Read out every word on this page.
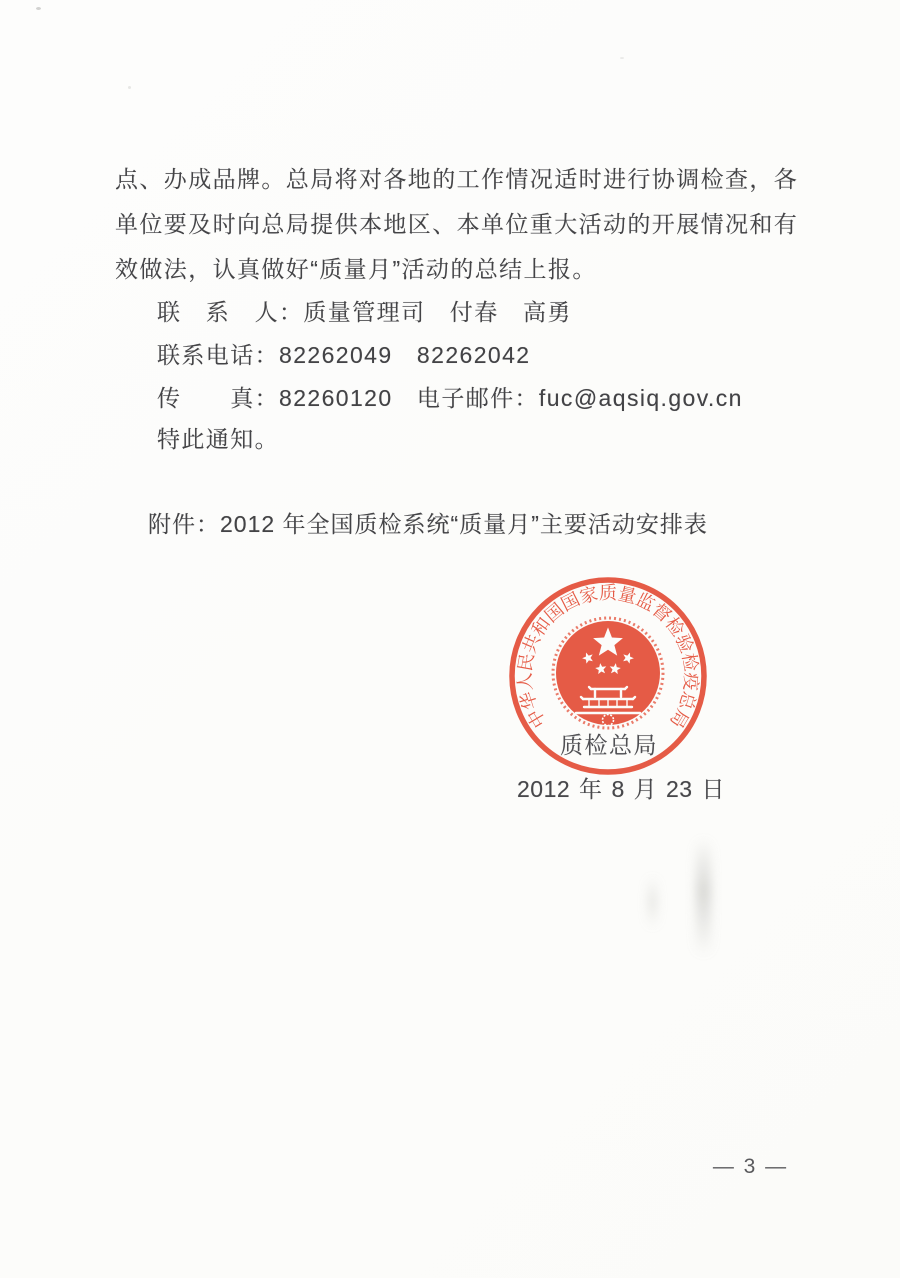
点、办成品牌。总局将对各地的工作情况适时进行协调检查，各
单位要及时向总局提供本地区、本单位重大活动的开展情况和有
效做法，认真做好“质量月”活动的总结上报。
联　系　人：质量管理司　付春　高勇
联系电话：82262049　82262042
传　　真：82260120　电子邮件：fuc@aqsiq.gov.cn
特此通知。
附件：2012 年全国质检系统“质量月”主要活动安排表
质检总局
2012 年 8 月 23 日
中华人民共和国国家质量监督检验检疫总局
— 3 —
